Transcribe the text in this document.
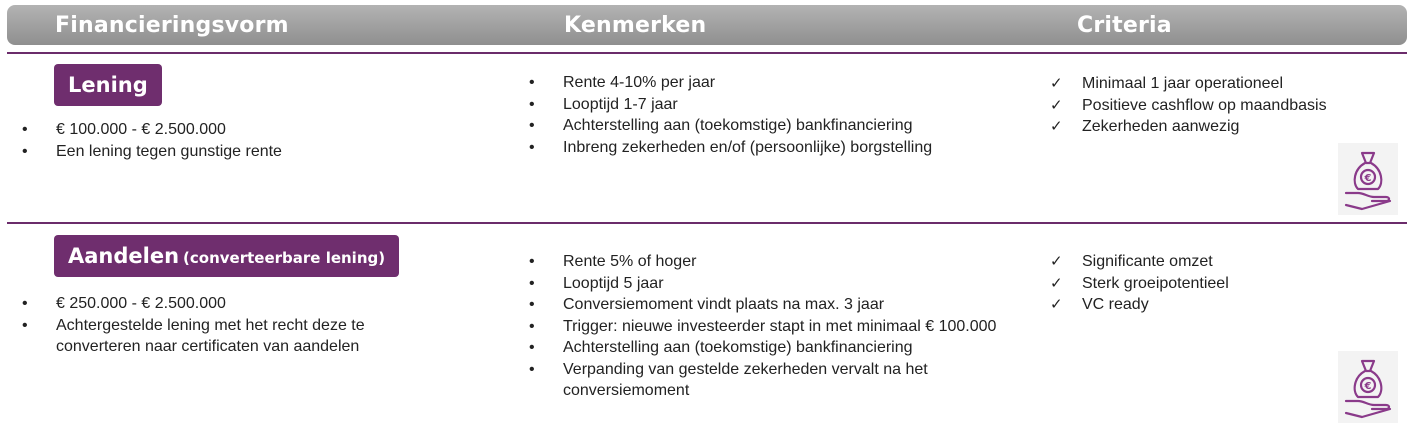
Financieringsvorm	Kenmerken	Criteria
Lening
• € 100.000 - € 2.500.000
• Een lening tegen gunstige rente
• Rente 4-10% per jaar
• Looptijd 1-7 jaar
• Achterstelling aan (toekomstige) bankfinanciering
• Inbreng zekerheden en/of (persoonlijke) borgstelling
✓ Minimaal 1 jaar operationeel
✓ Positieve cashflow op maandbasis
✓ Zekerheden aanwezig
€
Aandelen (converteerbare lening)
• € 250.000 - € 2.500.000
• Achtergestelde lening met het recht deze te converteren naar certificaten van aandelen
• Rente 5% of hoger
• Looptijd 5 jaar
• Conversiemoment vindt plaats na max. 3 jaar
• Trigger: nieuwe investeerder stapt in met minimaal € 100.000
• Achterstelling aan (toekomstige) bankfinanciering
• Verpanding van gestelde zekerheden vervalt na het conversiemoment
✓ Significante omzet
✓ Sterk groeipotentieel
✓ VC ready
€
